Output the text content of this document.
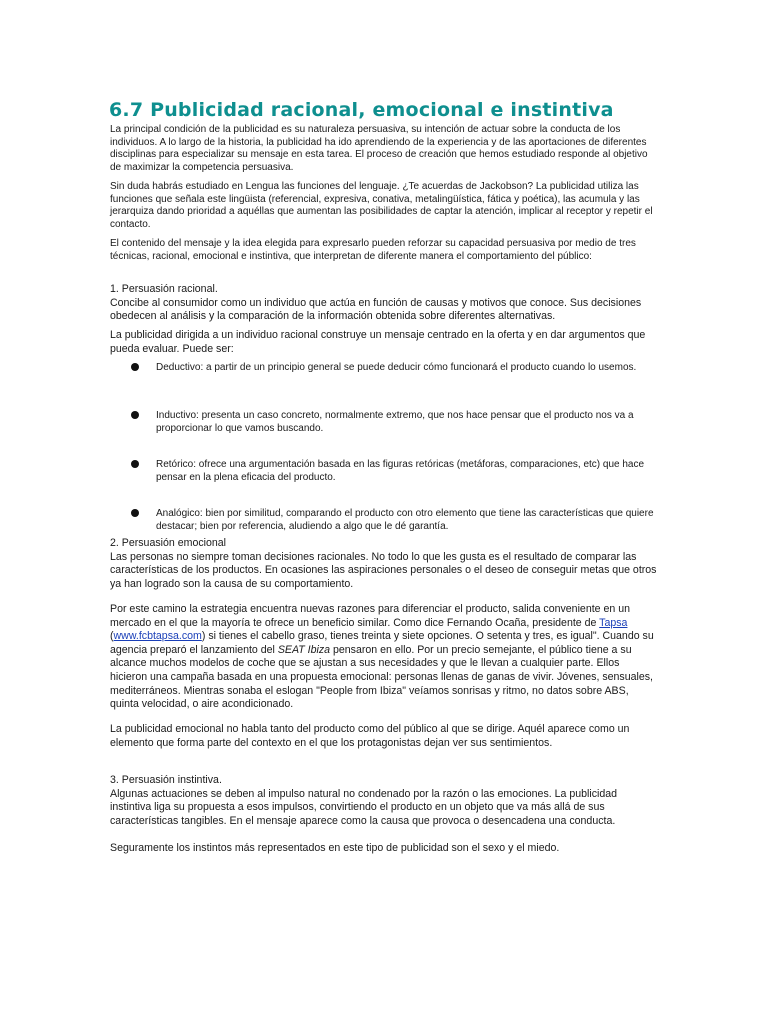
6.7 Publicidad racional, emocional e instintiva

La principal condición de la publicidad es su naturaleza persuasiva, su intención de actuar sobre la conducta de los individuos. A lo largo de la historia, la publicidad ha ido aprendiendo de la experiencia y de las aportaciones de diferentes disciplinas para especializar su mensaje en esta tarea. El proceso de creación que hemos estudiado responde al objetivo de maximizar la competencia persuasiva.

Sin duda habrás estudiado en Lengua las funciones del lenguaje. ¿Te acuerdas de Jackobson? La publicidad utiliza las funciones que señala este lingüista (referencial, expresiva, conativa, metalingüística, fática y poética), las acumula y las jerarquiza dando prioridad a aquéllas que aumentan las posibilidades de captar la atención, implicar al receptor y repetir el contacto.

El contenido del mensaje y la idea elegida para expresarlo pueden reforzar su capacidad persuasiva por medio de tres técnicas, racional, emocional e instintiva, que interpretan de diferente manera el comportamiento del público:

1. Persuasión racional.

Concibe al consumidor como un individuo que actúa en función de causas y motivos que conoce. Sus decisiones obedecen al análisis y la comparación de la información obtenida sobre diferentes alternativas.

La publicidad dirigida a un individuo racional construye un mensaje centrado en la oferta y en dar argumentos que pueda evaluar. Puede ser:

Deductivo: a partir de un principio general se puede deducir cómo funcionará el producto cuando lo usemos.
Inductivo: presenta un caso concreto, normalmente extremo, que nos hace pensar que el producto nos va a proporcionar lo que vamos buscando.
Retórico: ofrece una argumentación basada en las figuras retóricas (metáforas, comparaciones, etc) que hace pensar en la plena eficacia del producto.
Analógico: bien por similitud, comparando el producto con otro elemento que tiene las características que quiere destacar; bien por referencia, aludiendo a algo que le dé garantía.
2. Persuasión emocional

Las personas no siempre toman decisiones racionales. No todo lo que les gusta es el resultado de comparar las características de los productos. En ocasiones las aspiraciones personales o el deseo de conseguir metas que otros ya han logrado son la causa de su comportamiento.

Por este camino la estrategia encuentra nuevas razones para diferenciar el producto, salida conveniente en un mercado en el que la mayoría te ofrece un beneficio similar. Como dice Fernando Ocaña, presidente de Tapsa (www.fcbtapsa.com) si tienes el cabello graso, tienes treinta y siete opciones. O setenta y tres, es igual". Cuando su agencia preparó el lanzamiento del SEAT Ibiza pensaron en ello. Por un precio semejante, el público tiene a su alcance muchos modelos de coche que se ajustan a sus necesidades y que le llevan a cualquier parte. Ellos hicieron una campaña basada en una propuesta emocional: personas llenas de ganas de vivir. Jóvenes, sensuales, mediterráneos. Mientras sonaba el eslogan "People from Ibiza" veíamos sonrisas y ritmo, no datos sobre ABS, quinta velocidad, o aire acondicionado.

La publicidad emocional no habla tanto del producto como del público al que se dirige. Aquél aparece como un elemento que forma parte del contexto en el que los protagonistas dejan ver sus sentimientos.

3. Persuasión instintiva.

Algunas actuaciones se deben al impulso natural no condenado por la razón o las emociones. La publicidad instintiva liga su propuesta a esos impulsos, convirtiendo el producto en un objeto que va más allá de sus características tangibles. En el mensaje aparece como la causa que provoca o desencadena una conducta.

Seguramente los instintos más representados en este tipo de publicidad son el sexo y el miedo.
